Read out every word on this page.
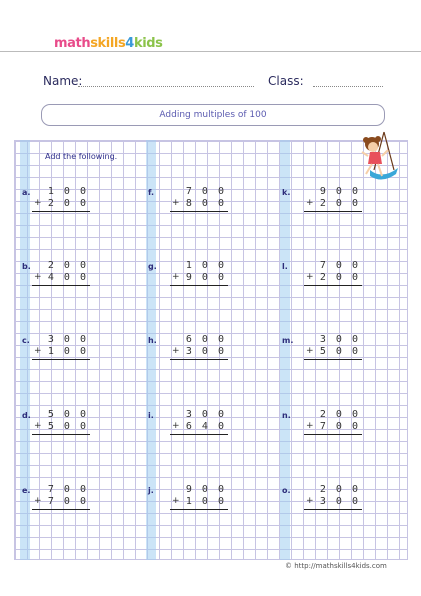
mathskills4kids
Name:	Class:
Adding multiples of 100
Add the following.
a.	1 0 0
+ 2 0 0
b.	2 0 0
+ 4 0 0
c.	3 0 0
+ 1 0 0
d.	5 0 0
+ 5 0 0
e.	7 0 0
+ 7 0 0
f.	7 0 0
+ 8 0 0
g.	1 0 0
+ 9 0 0
h.	6 0 0
+ 3 0 0
i.	3 0 0
+ 6 4 0
j.	9 0 0
+ 1 0 0
k.	9 0 0
+ 2 0 0
l.	7 0 0
+ 2 0 0
m.	3 0 0
+ 5 0 0
n.	2 0 0
+ 7 0 0
o.	2 0 0
+ 3 0 0
© http://mathskills4kids.com
